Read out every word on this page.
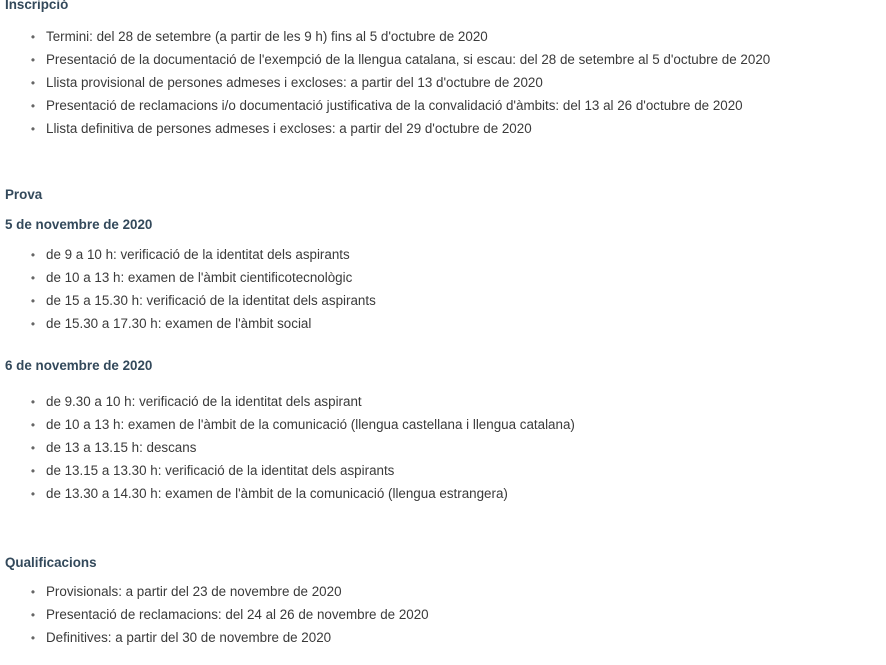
Inscripció
• Termini: del 28 de setembre (a partir de les 9 h) fins al 5 d'octubre de 2020
• Presentació de la documentació de l'exempció de la llengua catalana, si escau: del 28 de setembre al 5 d'octubre de 2020
• Llista provisional de persones admeses i excloses: a partir del 13 d'octubre de 2020
• Presentació de reclamacions i/o documentació justificativa de la convalidació d'àmbits: del 13 al 26 d'octubre de 2020
• Llista definitiva de persones admeses i excloses: a partir del 29 d'octubre de 2020
Prova
5 de novembre de 2020
• de 9 a 10 h: verificació de la identitat dels aspirants
• de 10 a 13 h: examen de l'àmbit cientificotecnològic
• de 15 a 15.30 h: verificació de la identitat dels aspirants
• de 15.30 a 17.30 h: examen de l'àmbit social
6 de novembre de 2020
• de 9.30 a 10 h: verificació de la identitat dels aspirant
• de 10 a 13 h: examen de l'àmbit de la comunicació (llengua castellana i llengua catalana)
• de 13 a 13.15 h: descans
• de 13.15 a 13.30 h: verificació de la identitat dels aspirants
• de 13.30 a 14.30 h: examen de l'àmbit de la comunicació (llengua estrangera)
Qualificacions
• Provisionals: a partir del 23 de novembre de 2020
• Presentació de reclamacions: del 24 al 26 de novembre de 2020
• Definitives: a partir del 30 de novembre de 2020
